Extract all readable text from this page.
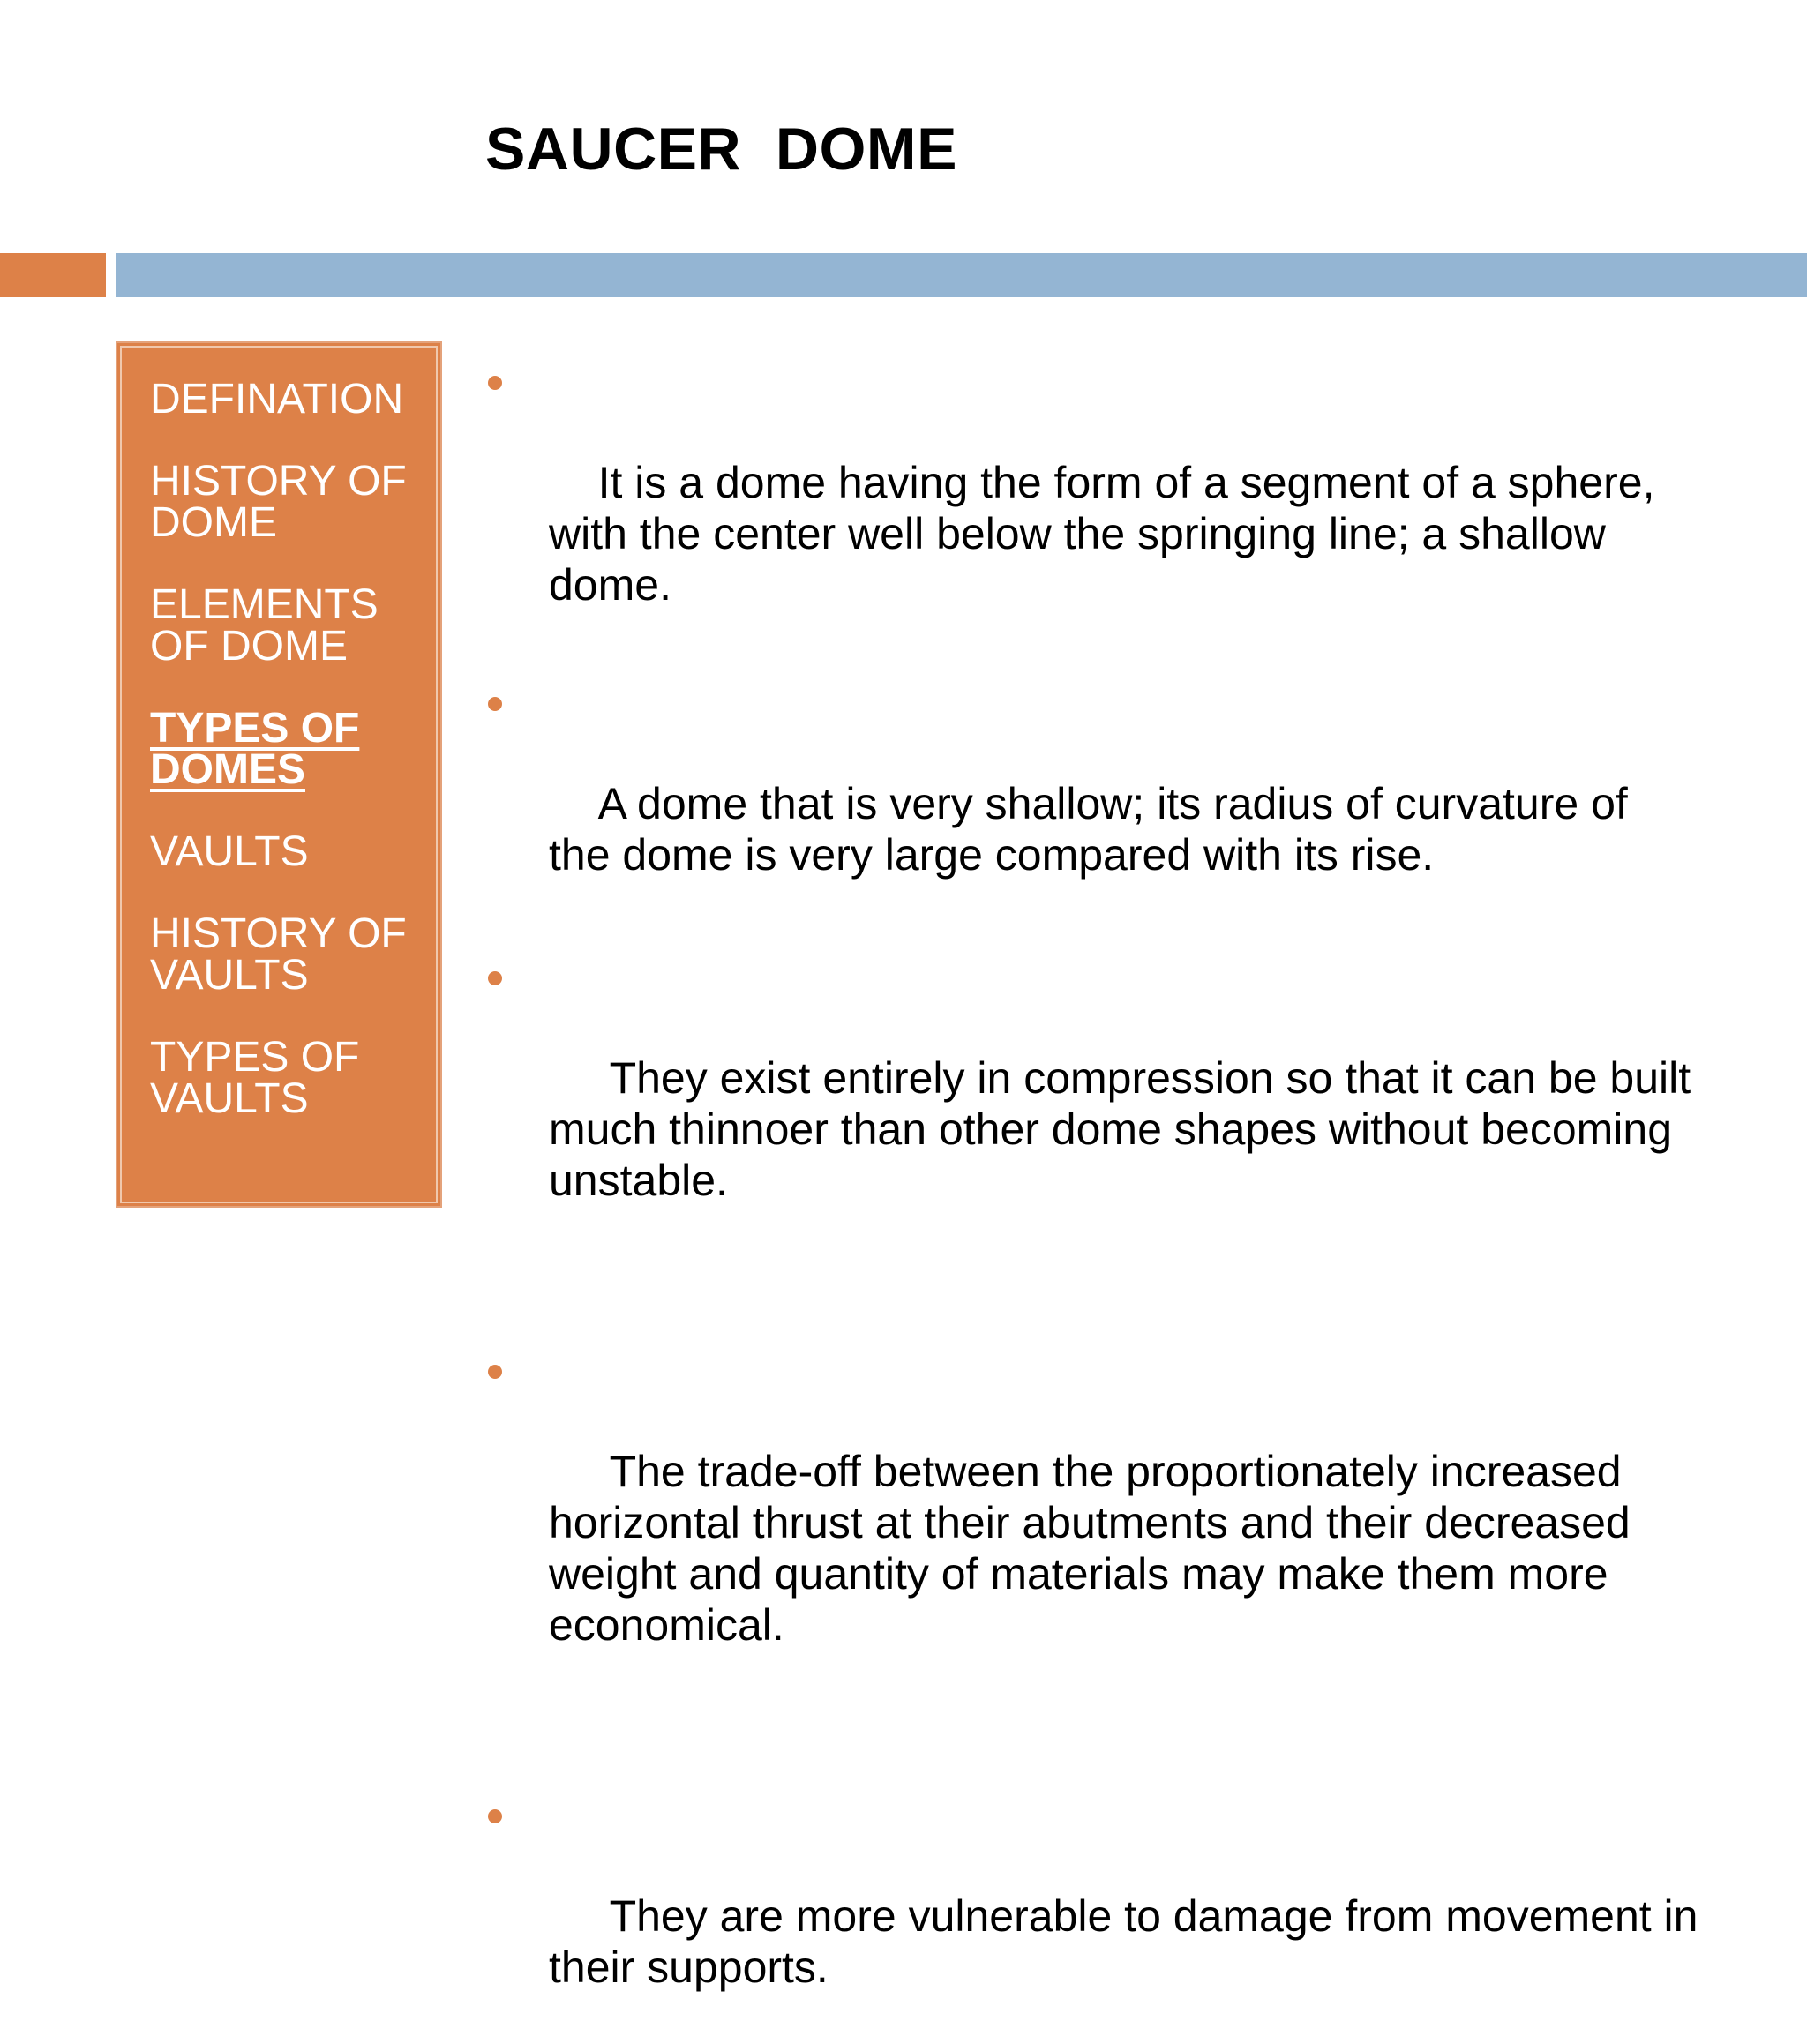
SAUCER  DOME
DEFINATION
HISTORY OF DOME
ELEMENTS OF DOME
TYPES OF DOMES
VAULTS
HISTORY OF VAULTS
TYPES OF VAULTS

It is a dome having the form of a segment of a sphere, with the center well below the springing line; a shallow dome.

A dome that is very shallow; its radius of curvature of the dome is very large compared with its rise.

They exist entirely in compression so that it can be built much thinnoer than other dome shapes without becoming unstable.

The trade-off between the proportionately increased horizontal thrust at their abutments and their decreased weight and quantity of materials may make them more economical.

They are more vulnerable to damage from movement in their supports.
